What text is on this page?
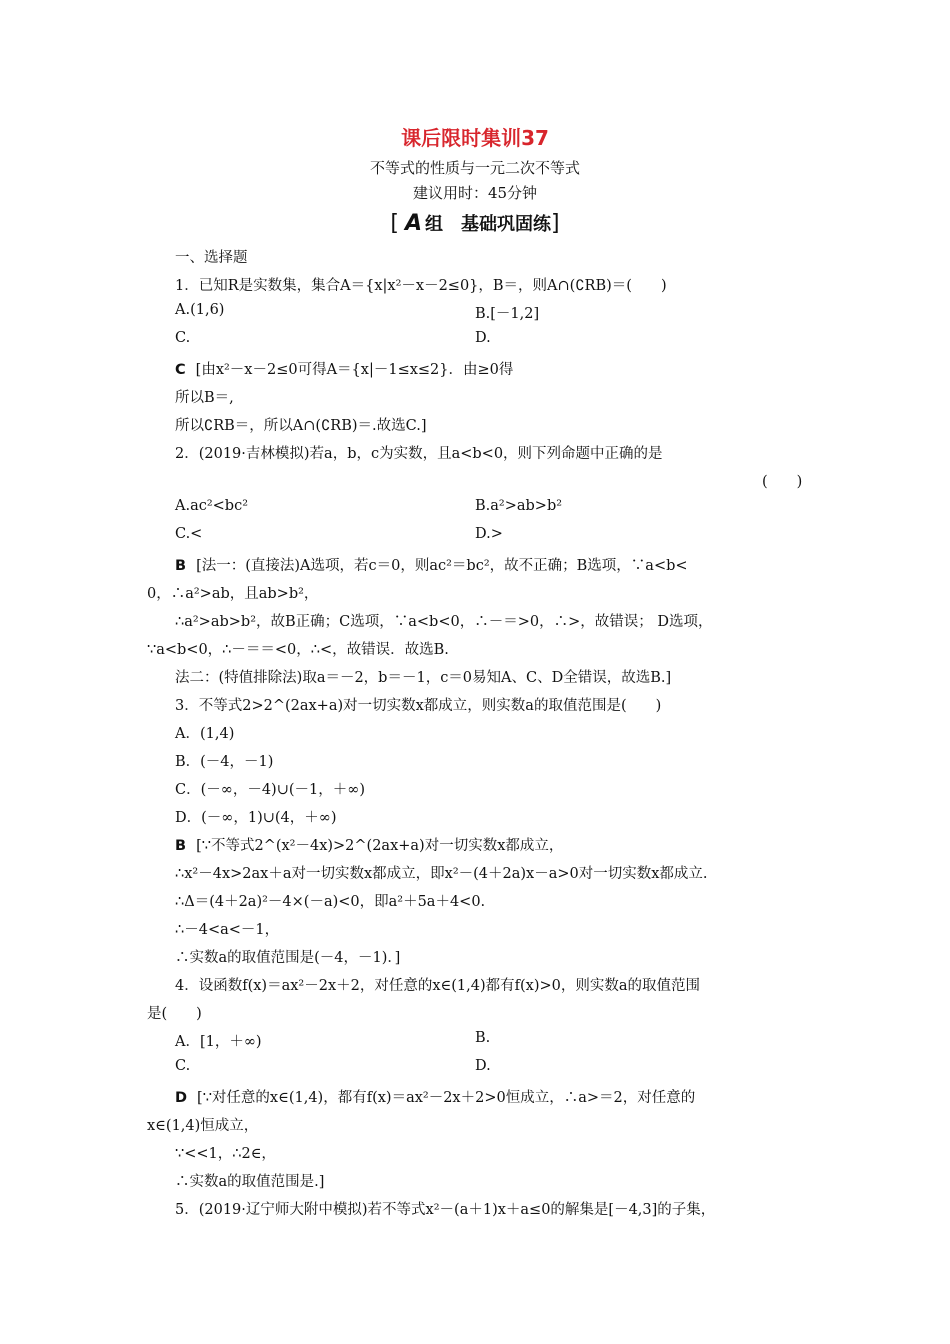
课后限时集训37
不等式的性质与一元二次不等式
建议用时：45分钟
[ A 组 基础巩固练]
一、选择题
1．已知R是实数集，集合A＝{x|x²－x－2≤0}，B＝，则A∩(∁RB)＝(　　)
A.(1,6)	B.[－1,2]
C.	D.
C [由x²－x－2≤0可得A＝{x|－1≤x≤2}．由≥0得
所以B＝,
所以∁RB＝，所以A∩(∁RB)＝.故选C.]
2．(2019·吉林模拟)若a，b，c为实数，且a<b<0，则下列命题中正确的是
(　　)
A.ac²<bc²	B.a²>ab>b²
C.<	D.>
B [法一：(直接法)A选项，若c＝0，则ac²＝bc²，故不正确；B选项，∵a<b<
0，∴a²>ab，且ab>b²，
∴a²>ab>b²，故B正确；C选项，∵a<b<0，∴－＝>0，∴>，故错误； D选项，
∵a<b<0，∴－＝＝<0，∴<，故错误．故选B.
法二：(特值排除法)取a＝－2，b＝－1，c＝0易知A、C、D全错误，故选B.]
3．不等式2>2^(2ax+a)对一切实数x都成立，则实数a的取值范围是(　　)
A．(1,4)
B．(－4，－1)
C．(－∞，－4)∪(－1，＋∞)
D．(－∞，1)∪(4，＋∞)
B [∵不等式2^(x²－4x)>2^(2ax+a)对一切实数x都成立，
∴x²－4x>2ax＋a对一切实数x都成立，即x²－(4＋2a)x－a>0对一切实数x都成立.
∴Δ＝(4＋2a)²－4×(－a)<0，即a²＋5a＋4<0.
∴－4<a<－1，
∴实数a的取值范围是(－4，－1)．]
4．设函数f(x)＝ax²－2x＋2，对任意的x∈(1,4)都有f(x)>0，则实数a的取值范围
是(　　)
A．[1，＋∞)	B.
C.	D.
D [∵对任意的x∈(1,4)，都有f(x)＝ax²－2x＋2>0恒成立，∴a>＝2，对任意的
x∈(1,4)恒成立，
∵<<1，∴2∈，
∴实数a的取值范围是.]
5．(2019·辽宁师大附中模拟)若不等式x²－(a＋1)x＋a≤0的解集是[－4,3]的子集，
